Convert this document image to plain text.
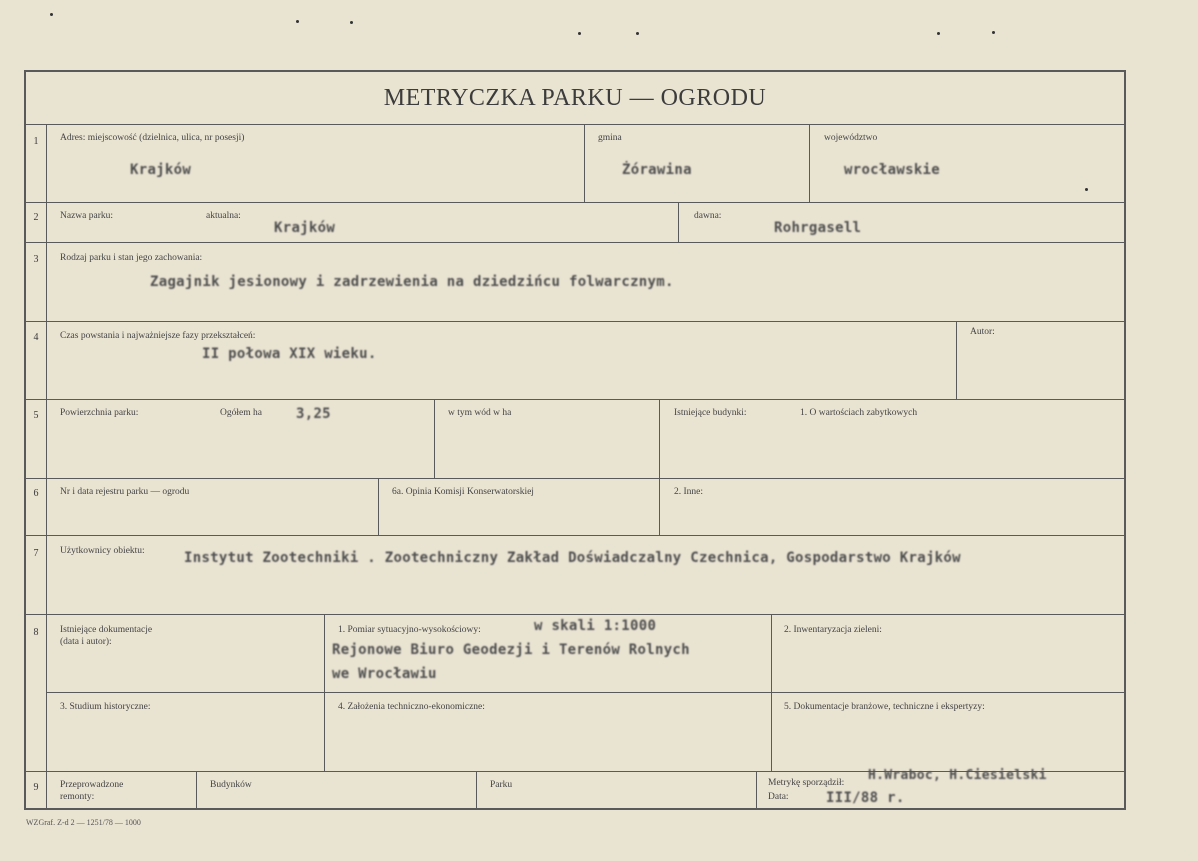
METRYCZKA PARKU — OGRODU
1	Adres: miejscowość (dzielnica, ulica, nr posesji)
Krajków
gmina
Żórawina
województwo
wrocławskie
2	Nazwa parku:	aktualna:
Krajków
dawna:
Rohrgasell
3	Rodzaj parku i stan jego zachowania:
Zagajnik jesionowy i zadrzewienia na dziedzińcu folwarcznym.
4	Czas powstania i najważniejsze fazy przekształceń:
II połowa XIX wieku.
Autor:
5	Powierzchnia parku:	Ogółem ha 3,25	w tym wód w ha	Istniejące budynki:	1. O wartościach zabytkowych
6	Nr i data rejestru parku — ogrodu	6a. Opinia Komisji Konserwatorskiej	2. Inne:
7	Użytkownicy obiektu:	Instytut Zootechniki . Zootechniczny Zakład Doświadczalny Czechnica, Gospodarstwo Krajków
8	Istniejące dokumentacje
(data i autor):
1. Pomiar sytuacyjno-wysokościowy:	w skali 1:1000
Rejonowe Biuro Geodezji i Terenów Rolnych
we Wrocławiu
2. Inwentaryzacja zieleni:
3. Studium historyczne:	4. Założenia techniczno-ekonomiczne:	5. Dokumentacje branżowe, techniczne i ekspertyzy:
9	Przeprowadzone
remonty:
Budynków	Parku	Metrykę sporządził: H.Wraboc, H.Ciesielski
Data:	III/88 r.
WZGraf. Z-d 2 — 1251/78 — 1000
